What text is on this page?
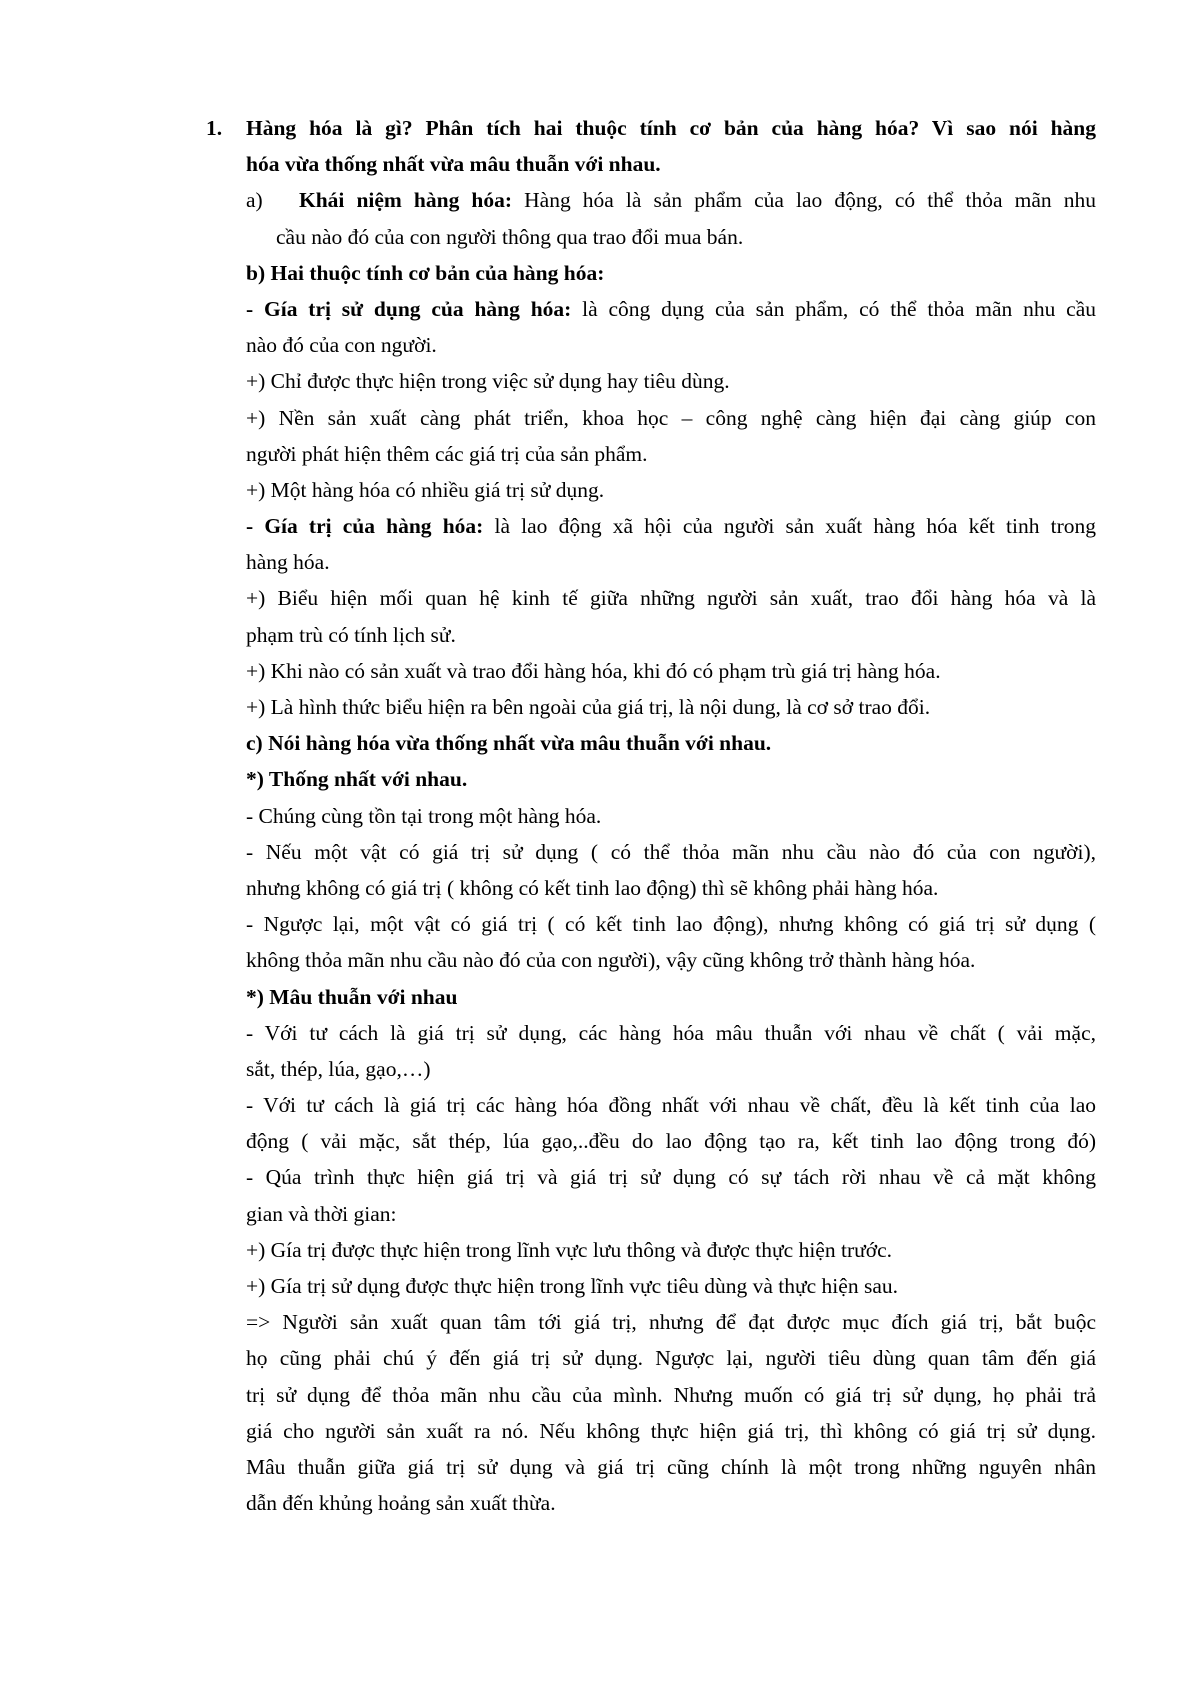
1. Hàng hóa là gì? Phân tích hai thuộc tính cơ bản của hàng hóa? Vì sao nói hàng
hóa vừa thống nhất vừa mâu thuẫn với nhau.
a) Khái niệm hàng hóa: Hàng hóa là sản phẩm của lao động, có thể thỏa mãn nhu
cầu nào đó của con người thông qua trao đổi mua bán.
b) Hai thuộc tính cơ bản của hàng hóa:
- Gía trị sử dụng của hàng hóa: là công dụng của sản phẩm, có thể thỏa mãn nhu cầu
nào đó của con người.
+) Chỉ được thực hiện trong việc sử dụng hay tiêu dùng.
+) Nền sản xuất càng phát triển, khoa học – công nghệ càng hiện đại càng giúp con
người phát hiện thêm các giá trị của sản phẩm.
+) Một hàng hóa có nhiều giá trị sử dụng.
- Gía trị của hàng hóa: là lao động xã hội của người sản xuất hàng hóa kết tinh trong
hàng hóa.
+) Biểu hiện mối quan hệ kinh tế giữa những người sản xuất, trao đổi hàng hóa và là
phạm trù có tính lịch sử.
+) Khi nào có sản xuất và trao đổi hàng hóa, khi đó có phạm trù giá trị hàng hóa.
+) Là hình thức biểu hiện ra bên ngoài của giá trị, là nội dung, là cơ sở trao đổi.
c) Nói hàng hóa vừa thống nhất vừa mâu thuẫn với nhau.
*) Thống nhất với nhau.
- Chúng cùng tồn tại trong một hàng hóa.
- Nếu một vật có giá trị sử dụng ( có thể thỏa mãn nhu cầu nào đó của con người),
nhưng không có giá trị ( không có kết tinh lao động) thì sẽ không phải hàng hóa.
- Ngược lại, một vật có giá trị ( có kết tinh lao động), nhưng không có giá trị sử dụng (
không thỏa mãn nhu cầu nào đó của con người), vậy cũng không trở thành hàng hóa.
*) Mâu thuẫn với nhau
- Với tư cách là giá trị sử dụng, các hàng hóa mâu thuẫn với nhau về chất ( vải mặc,
sắt, thép, lúa, gạo,…)
- Với tư cách là giá trị các hàng hóa đồng nhất với nhau về chất, đều là kết tinh của lao
động ( vải mặc, sắt thép, lúa gạo,..đều do lao động tạo ra, kết tinh lao động trong đó)
- Qúa trình thực hiện giá trị và giá trị sử dụng có sự tách rời nhau về cả mặt không
gian và thời gian:
+) Gía trị được thực hiện trong lĩnh vực lưu thông và được thực hiện trước.
+) Gía trị sử dụng được thực hiện trong lĩnh vực tiêu dùng và thực hiện sau.
=> Người sản xuất quan tâm tới giá trị, nhưng để đạt được mục đích giá trị, bắt buộc
họ cũng phải chú ý đến giá trị sử dụng. Ngược lại, người tiêu dùng quan tâm đến giá
trị sử dụng để thỏa mãn nhu cầu của mình. Nhưng muốn có giá trị sử dụng, họ phải trả
giá cho người sản xuất ra nó. Nếu không thực hiện giá trị, thì không có giá trị sử dụng.
Mâu thuẫn giữa giá trị sử dụng và giá trị cũng chính là một trong những nguyên nhân
dẫn đến khủng hoảng sản xuất thừa.
